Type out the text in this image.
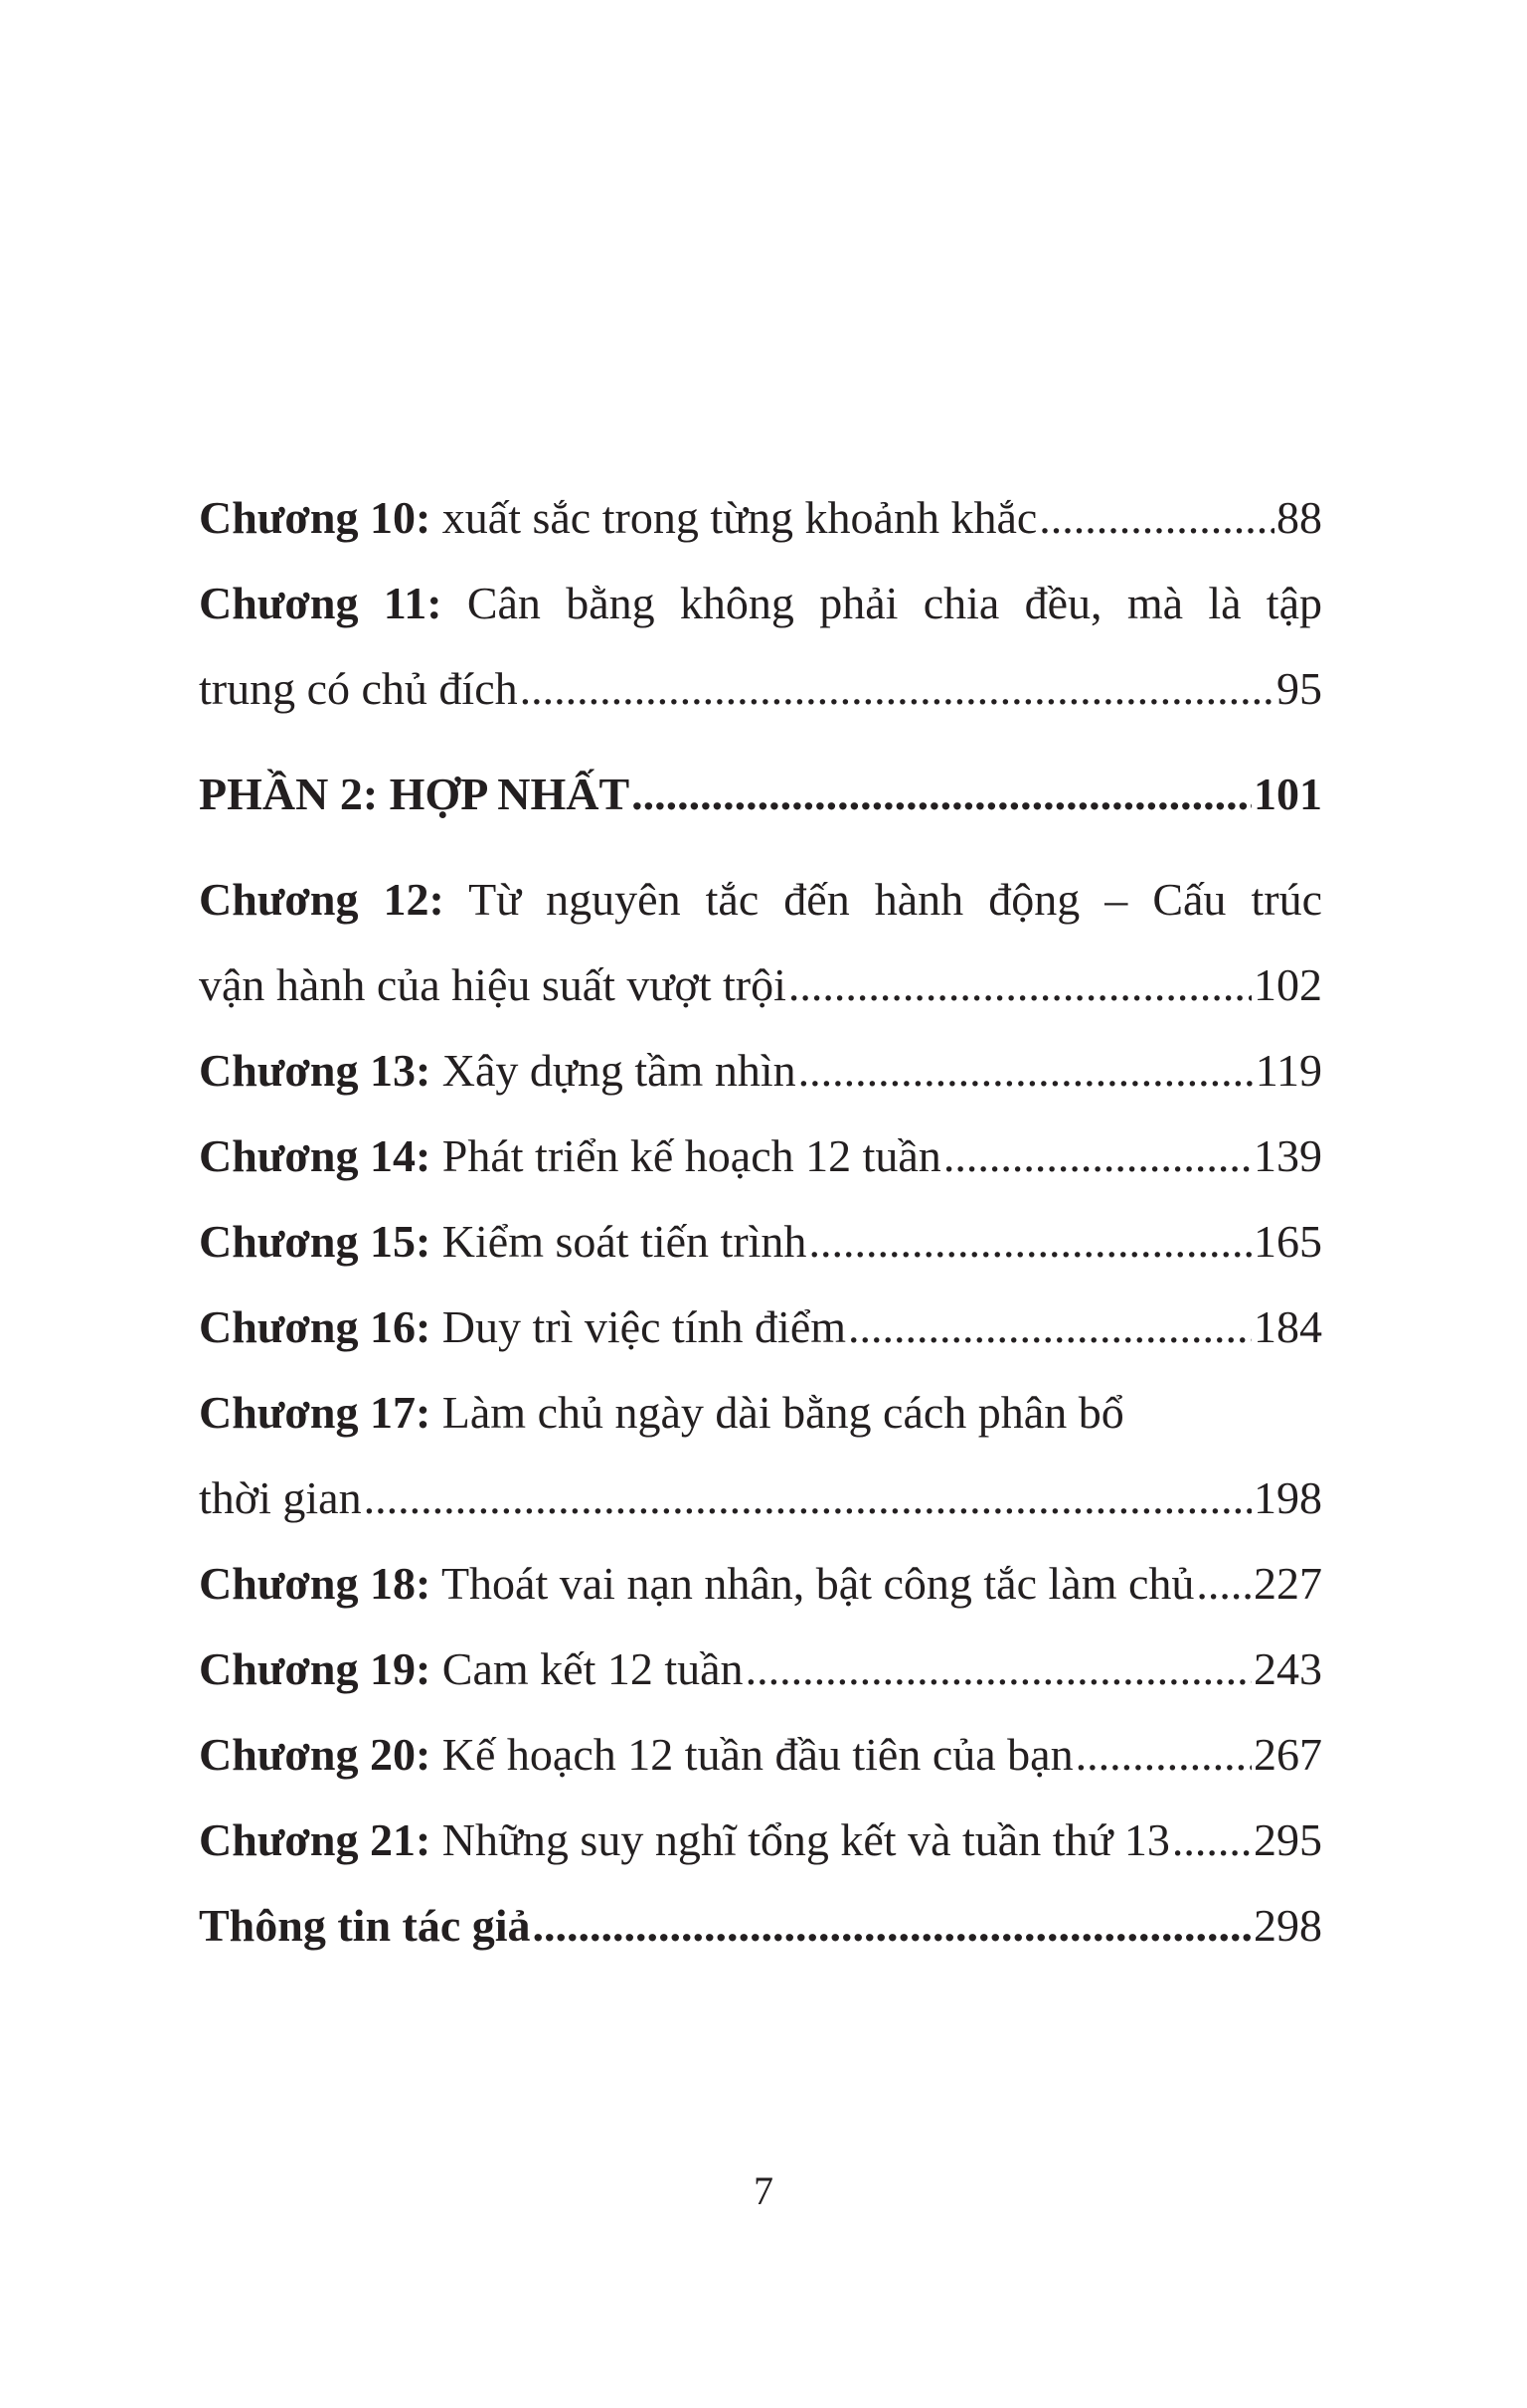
Chương 10: xuất sắc trong từng khoảnh khắc .....	88
Chương 11: Cân bằng không phải chia đều, mà là tập
trung có chủ đích .....	95
PHẦN 2: HỢP NHẤT .....	101
Chương 12: Từ nguyên tắc đến hành động – Cấu trúc
vận hành của hiệu suất vượt trội .....	102
Chương 13: Xây dựng tầm nhìn .....	119
Chương 14: Phát triển kế hoạch 12 tuần .....	139
Chương 15: Kiểm soát tiến trình .....	165
Chương 16: Duy trì việc tính điểm .....	184
Chương 17: Làm chủ ngày dài bằng cách phân bổ
thời gian .....	198
Chương 18: Thoát vai nạn nhân, bật công tắc làm chủ ..... 227
Chương 19: Cam kết 12 tuần .....	243
Chương 20: Kế hoạch 12 tuần đầu tiên của bạn .....	267
Chương 21: Những suy nghĩ tổng kết và tuần thứ 13 ..... 295
Thông tin tác giả .....	298
7
